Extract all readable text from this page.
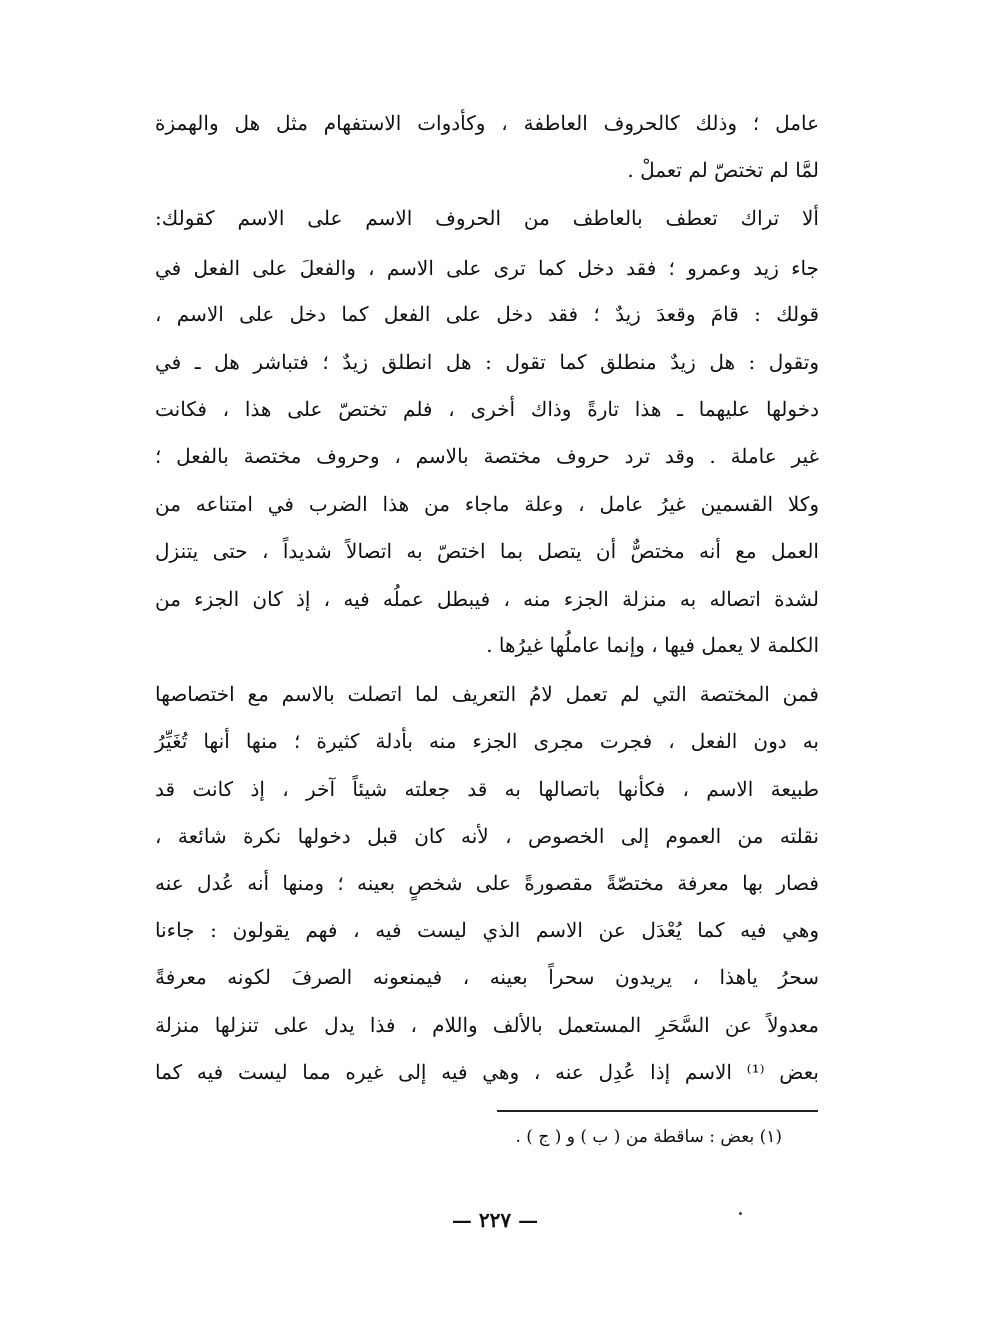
عامل ؛ وذلك كالحروف العاطفة ، وكأدوات الاستفهام مثل هل والهمزة
لمَّا لم تختصّ لم تعملْ .
ألا تراك تعطف بالعاطف من الحروف الاسم على الاسم كقولك:
جاء زيد وعمرو ؛ فقد دخل كما ترى على الاسم ، والفعلَ على الفعل في
قولك : قامَ وقعدَ زيدٌ ؛ فقد دخل على الفعل كما دخل على الاسم ،
وتقول : هل زيدٌ منطلق كما تقول : هل انطلق زيدٌ ؛ فتباشر هل ـ في
دخولها عليهما ـ هذا تارةً وذاك أخرى ، فلم تختصّ على هذا ، فكانت
غير عاملة . وقد ترد حروف مختصة بالاسم ، وحروف مختصة بالفعل ؛
وكلا القسمين غيرُ عامل ، وعلة ماجاء من هذا الضرب في امتناعه من
العمل مع أنه مختصٌّ أن يتصل بما اختصّ به اتصالاً شديداً ، حتى يتنزل
لشدة اتصاله به منزلة الجزء منه ، فيبطل عملُه فيه ، إذ كان الجزء من
الكلمة لا يعمل فيها ، وإنما عاملُها غيرُها .
فمن المختصة التي لم تعمل لامُ التعريف لما اتصلت بالاسم مع اختصاصها
به دون الفعل ، فجرت مجرى الجزء منه بأدلة كثيرة ؛ منها أنها تُغَيِّرُ
طبيعة الاسم ، فكأنها باتصالها به قد جعلته شيئاً آخر ، إذ كانت قد
نقلته من العموم إلى الخصوص ، لأنه كان قبل دخولها نكرة شائعة ،
فصار بها معرفة مختصّةً مقصورةً على شخصٍ بعينه ؛ ومنها أنه عُدل عنه
وهي فيه كما يُعْدَل عن الاسم الذي ليست فيه ، فهم يقولون : جاءنا
سحرُ ياهذا ، يريدون سحراً بعينه ، فيمنعونه الصرفَ لكونه معرفةً
معدولاً عن السَّحَرِ المستعمل بالألف واللام ، فذا يدل على تنزلها منزلة
بعض ⁽¹⁾ الاسم إذا عُدِل عنه ، وهي فيه إلى غيره مما ليست فيه كما
(١) بعض : ساقطة من ( ب ) و ( ج ) .
— ٢٢٧ —
